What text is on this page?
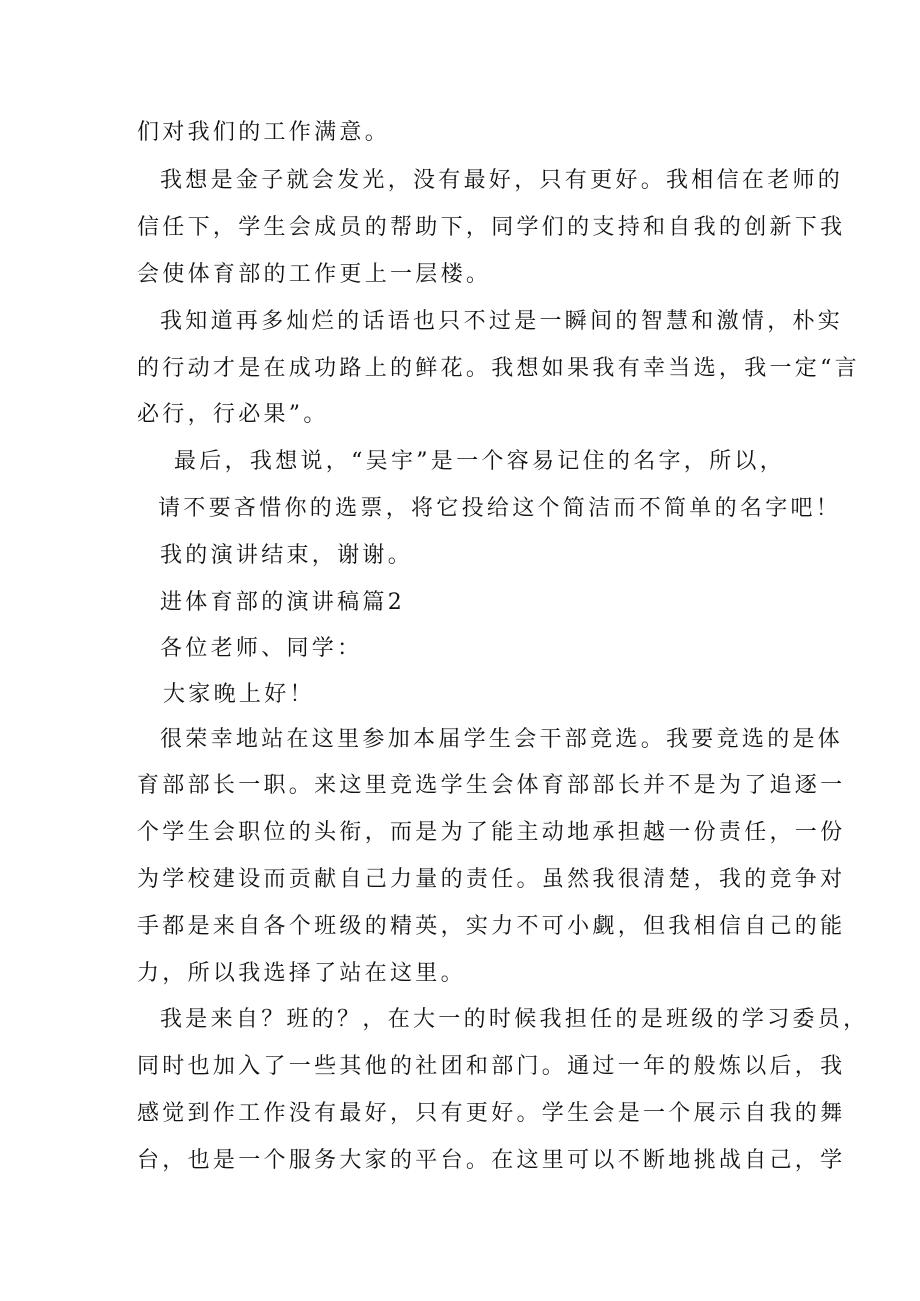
们对我们的工作满意。
我想是金子就会发光，没有最好，只有更好。我相信在老师的
信任下，学生会成员的帮助下，同学们的支持和自我的创新下我
会使体育部的工作更上一层楼。
我知道再多灿烂的话语也只不过是一瞬间的智慧和激情，朴实
的行动才是在成功路上的鲜花。我想如果我有幸当选，我一定“言
必行，行必果”。
最后，我想说，“吴宇”是一个容易记住的名字，所以，
请不要吝惜你的选票，将它投给这个简洁而不简单的名字吧！
我的演讲结束，谢谢。
进体育部的演讲稿篇2
各位老师、同学：
大家晚上好！
很荣幸地站在这里参加本届学生会干部竞选。我要竞选的是体
育部部长一职。来这里竞选学生会体育部部长并不是为了追逐一
个学生会职位的头衔，而是为了能主动地承担越一份责任，一份
为学校建设而贡献自己力量的责任。虽然我很清楚，我的竞争对
手都是来自各个班级的精英，实力不可小觑，但我相信自己的能
力，所以我选择了站在这里。
我是来自？班的？，在大一的时候我担任的是班级的学习委员，
同时也加入了一些其他的社团和部门。通过一年的般炼以后，我
感觉到作工作没有最好，只有更好。学生会是一个展示自我的舞
台，也是一个服务大家的平台。在这里可以不断地挑战自己，学
